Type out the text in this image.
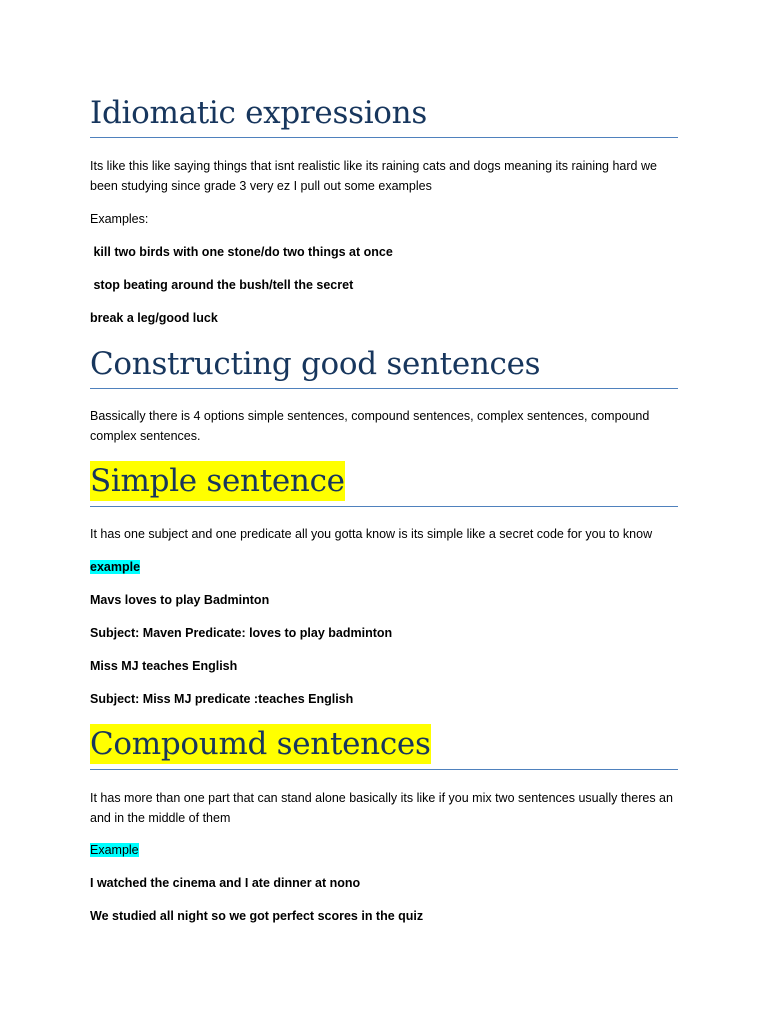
Idiomatic expressions

Its like this like saying things that isnt realistic like its raining cats and dogs meaning its raining hard we been studying since grade 3 very ez I pull out some examples

Examples:

kill two birds with one stone/do two things at once

stop beating around the bush/tell the secret

break a leg/good luck

Constructing good sentences

Bassically there is 4 options simple sentences, compound sentences, complex sentences, compound complex sentences.

Simple sentence

It has one subject and one predicate all you gotta know is its simple like a secret code for you to know

example

Mavs loves to play Badminton

Subject: Maven Predicate: loves to play badminton

Miss MJ teaches English

Subject: Miss MJ predicate :teaches English

Compoumd sentences

It has more than one part that can stand alone basically its like if you mix two sentences usually theres an and in the middle of them

Example

I watched the cinema and I ate dinner at nono

We studied all night so we got perfect scores in the quiz
